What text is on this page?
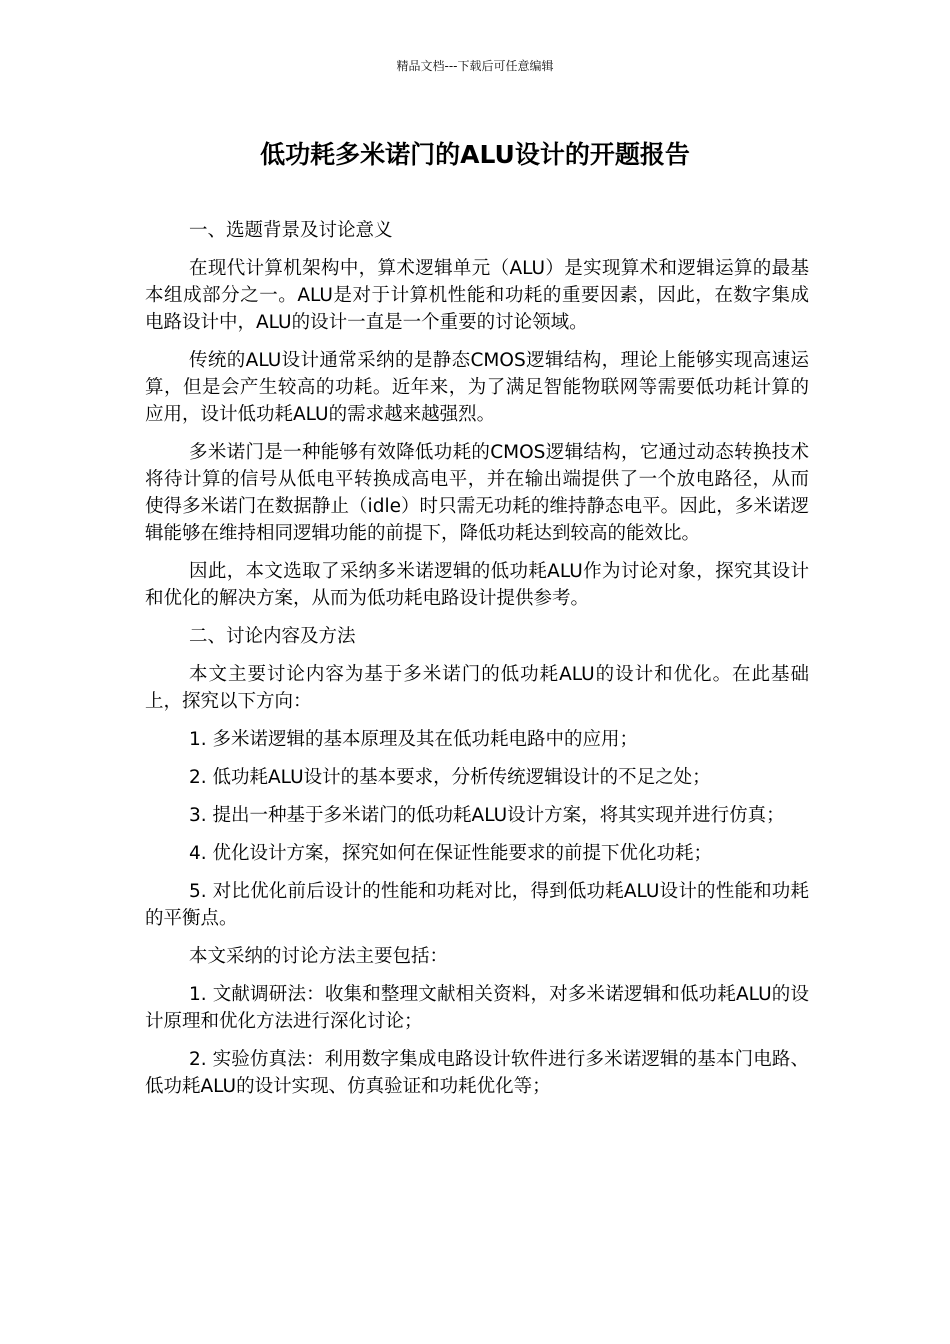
精品文档---下载后可任意编辑
低功耗多米诺门的ALU设计的开题报告

一、选题背景及讨论意义

在现代计算机架构中，算术逻辑单元（ALU）是实现算术和逻辑运算的最基本组成部分之一。ALU是对于计算机性能和功耗的重要因素，因此，在数字集成电路设计中，ALU的设计一直是一个重要的讨论领域。

传统的ALU设计通常采纳的是静态CMOS逻辑结构，理论上能够实现高速运算，但是会产生较高的功耗。近年来，为了满足智能物联网等需要低功耗计算的应用，设计低功耗ALU的需求越来越强烈。

多米诺门是一种能够有效降低功耗的CMOS逻辑结构，它通过动态转换技术将待计算的信号从低电平转换成高电平，并在输出端提供了一个放电路径，从而使得多米诺门在数据静止（idle）时只需无功耗的维持静态电平。因此，多米诺逻辑能够在维持相同逻辑功能的前提下，降低功耗达到较高的能效比。

因此，本文选取了采纳多米诺逻辑的低功耗ALU作为讨论对象，探究其设计和优化的解决方案，从而为低功耗电路设计提供参考。

二、讨论内容及方法

本文主要讨论内容为基于多米诺门的低功耗ALU的设计和优化。在此基础上，探究以下方向：

1. 多米诺逻辑的基本原理及其在低功耗电路中的应用；

2. 低功耗ALU设计的基本要求，分析传统逻辑设计的不足之处；

3. 提出一种基于多米诺门的低功耗ALU设计方案，将其实现并进行仿真；

4. 优化设计方案，探究如何在保证性能要求的前提下优化功耗；

5. 对比优化前后设计的性能和功耗对比，得到低功耗ALU设计的性能和功耗的平衡点。

本文采纳的讨论方法主要包括：

1. 文献调研法：收集和整理文献相关资料，对多米诺逻辑和低功耗ALU的设计原理和优化方法进行深化讨论；

2. 实验仿真法：利用数字集成电路设计软件进行多米诺逻辑的基本门电路、低功耗ALU的设计实现、仿真验证和功耗优化等；
